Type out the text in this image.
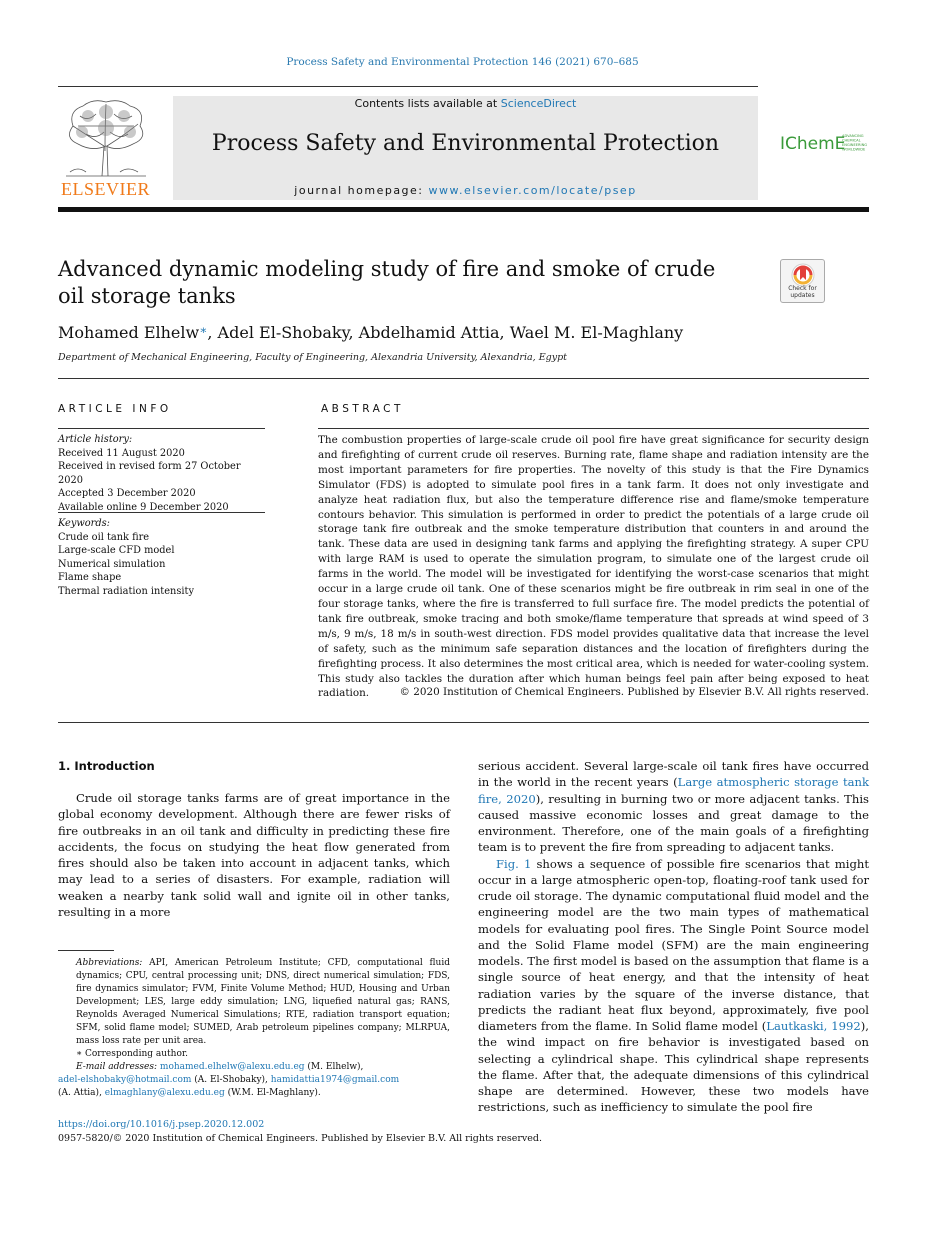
Process Safety and Environmental Protection 146 (2021) 670–685
ELSEVIER
Contents lists available at ScienceDirect
Process Safety and Environmental Protection
journal homepage: www.elsevier.com/locate/psep
IChemE
ADVANCING
CHEMICAL
ENGINEERING
WORLDWIDE
Advanced dynamic modeling study of fire and smoke of crude oil storage tanks	Check for updates
Mohamed Elhelw∗, Adel El-Shobaky, Abdelhamid Attia, Wael M. El-Maghlany
Department of Mechanical Engineering, Faculty of Engineering, Alexandria University, Alexandria, Egypt
ARTICLE INFO	ABSTRACT
Article history:
Received 11 August 2020
Received in revised form 27 October 2020
Accepted 3 December 2020
Available online 9 December 2020
Keywords:
Crude oil tank fire
Large-scale CFD model
Numerical simulation
Flame shape
Thermal radiation intensity
The combustion properties of large-scale crude oil pool fire have great significance for security design and firefighting of current crude oil reserves. Burning rate, flame shape and radiation intensity are the most important parameters for fire properties. The novelty of this study is that the Fire Dynamics Simulator (FDS) is adopted to simulate pool fires in a tank farm. It does not only investigate and analyze heat radiation flux, but also the temperature difference rise and flame/smoke temperature contours behavior. This simulation is performed in order to predict the potentials of a large crude oil storage tank fire outbreak and the smoke temperature distribution that counters in and around the tank. These data are used in designing tank farms and applying the firefighting strategy. A super CPU with large RAM is used to operate the simulation program, to simulate one of the largest crude oil farms in the world. The model will be investigated for identifying the worst-case scenarios that might occur in a large crude oil tank. One of these scenarios might be fire outbreak in rim seal in one of the four storage tanks, where the fire is transferred to full surface fire. The model predicts the potential of tank fire outbreak, smoke tracing and both smoke/flame temperature that spreads at wind speed of 3 m/s, 9 m/s, 18 m/s in south-west direction. FDS model provides qualitative data that increase the level of safety, such as the minimum safe separation distances and the location of firefighters during the firefighting process. It also determines the most critical area, which is needed for water-cooling system. This study also tackles the duration after which human beings feel pain after being exposed to heat radiation.	© 2020 Institution of Chemical Engineers. Published by Elsevier B.V. All rights reserved.
1. Introduction

Crude oil storage tanks farms are of great importance in the global economy development. Although there are fewer risks of fire outbreaks in an oil tank and difficulty in predicting these fire accidents, the focus on studying the heat flow generated from fires should also be taken into account in adjacent tanks, which may lead to a series of disasters. For example, radiation will weaken a nearby tank solid wall and ignite oil in other tanks, resulting in a more

serious accident. Several large-scale oil tank fires have occurred in the world in the recent years (Large atmospheric storage tank fire, 2020), resulting in burning two or more adjacent tanks. This caused massive economic losses and great damage to the environment. Therefore, one of the main goals of a firefighting team is to prevent the fire from spreading to adjacent tanks.

Fig. 1 shows a sequence of possible fire scenarios that might occur in a large atmospheric open-top, floating-roof tank used for crude oil storage. The dynamic computational fluid model and the engineering model are the two main types of mathematical models for evaluating pool fires. The Single Point Source model and the Solid Flame model (SFM) are the main engineering models. The first model is based on the assumption that flame is a single source of heat energy, and that the intensity of heat radiation varies by the square of the inverse distance, that predicts the radiant heat flux beyond, approximately, five pool diameters from the flame. In Solid flame model (Lautkaski, 1992), the wind impact on fire behavior is investigated based on selecting a cylindrical shape. This cylindrical shape represents the flame. After that, the adequate dimensions of this cylindrical shape are determined. However, these two models have restrictions, such as inefficiency to simulate the pool fire

Abbreviations: API, American Petroleum Institute; CFD, computational fluid dynamics; CPU, central processing unit; DNS, direct numerical simulation; FDS, fire dynamics simulator; FVM, Finite Volume Method; HUD, Housing and Urban Development; LES, large eddy simulation; LNG, liquefied natural gas; RANS, Reynolds Averaged Numerical Simulations; RTE, radiation transport equation; SFM, solid flame model; SUMED, Arab petroleum pipelines company; MLRPUA, mass loss rate per unit area.

∗ Corresponding author.

E-mail addresses: mohamed.elhelw@alexu.edu.eg (M. Elhelw),
adel-elshobaky@hotmail.com (A. El-Shobaky), hamidattia1974@gmail.com
(A. Attia), elmaghlany@alexu.edu.eg (W.M. El-Maghlany).

https://doi.org/10.1016/j.psep.2020.12.002
0957-5820/© 2020 Institution of Chemical Engineers. Published by Elsevier B.V. All rights reserved.
